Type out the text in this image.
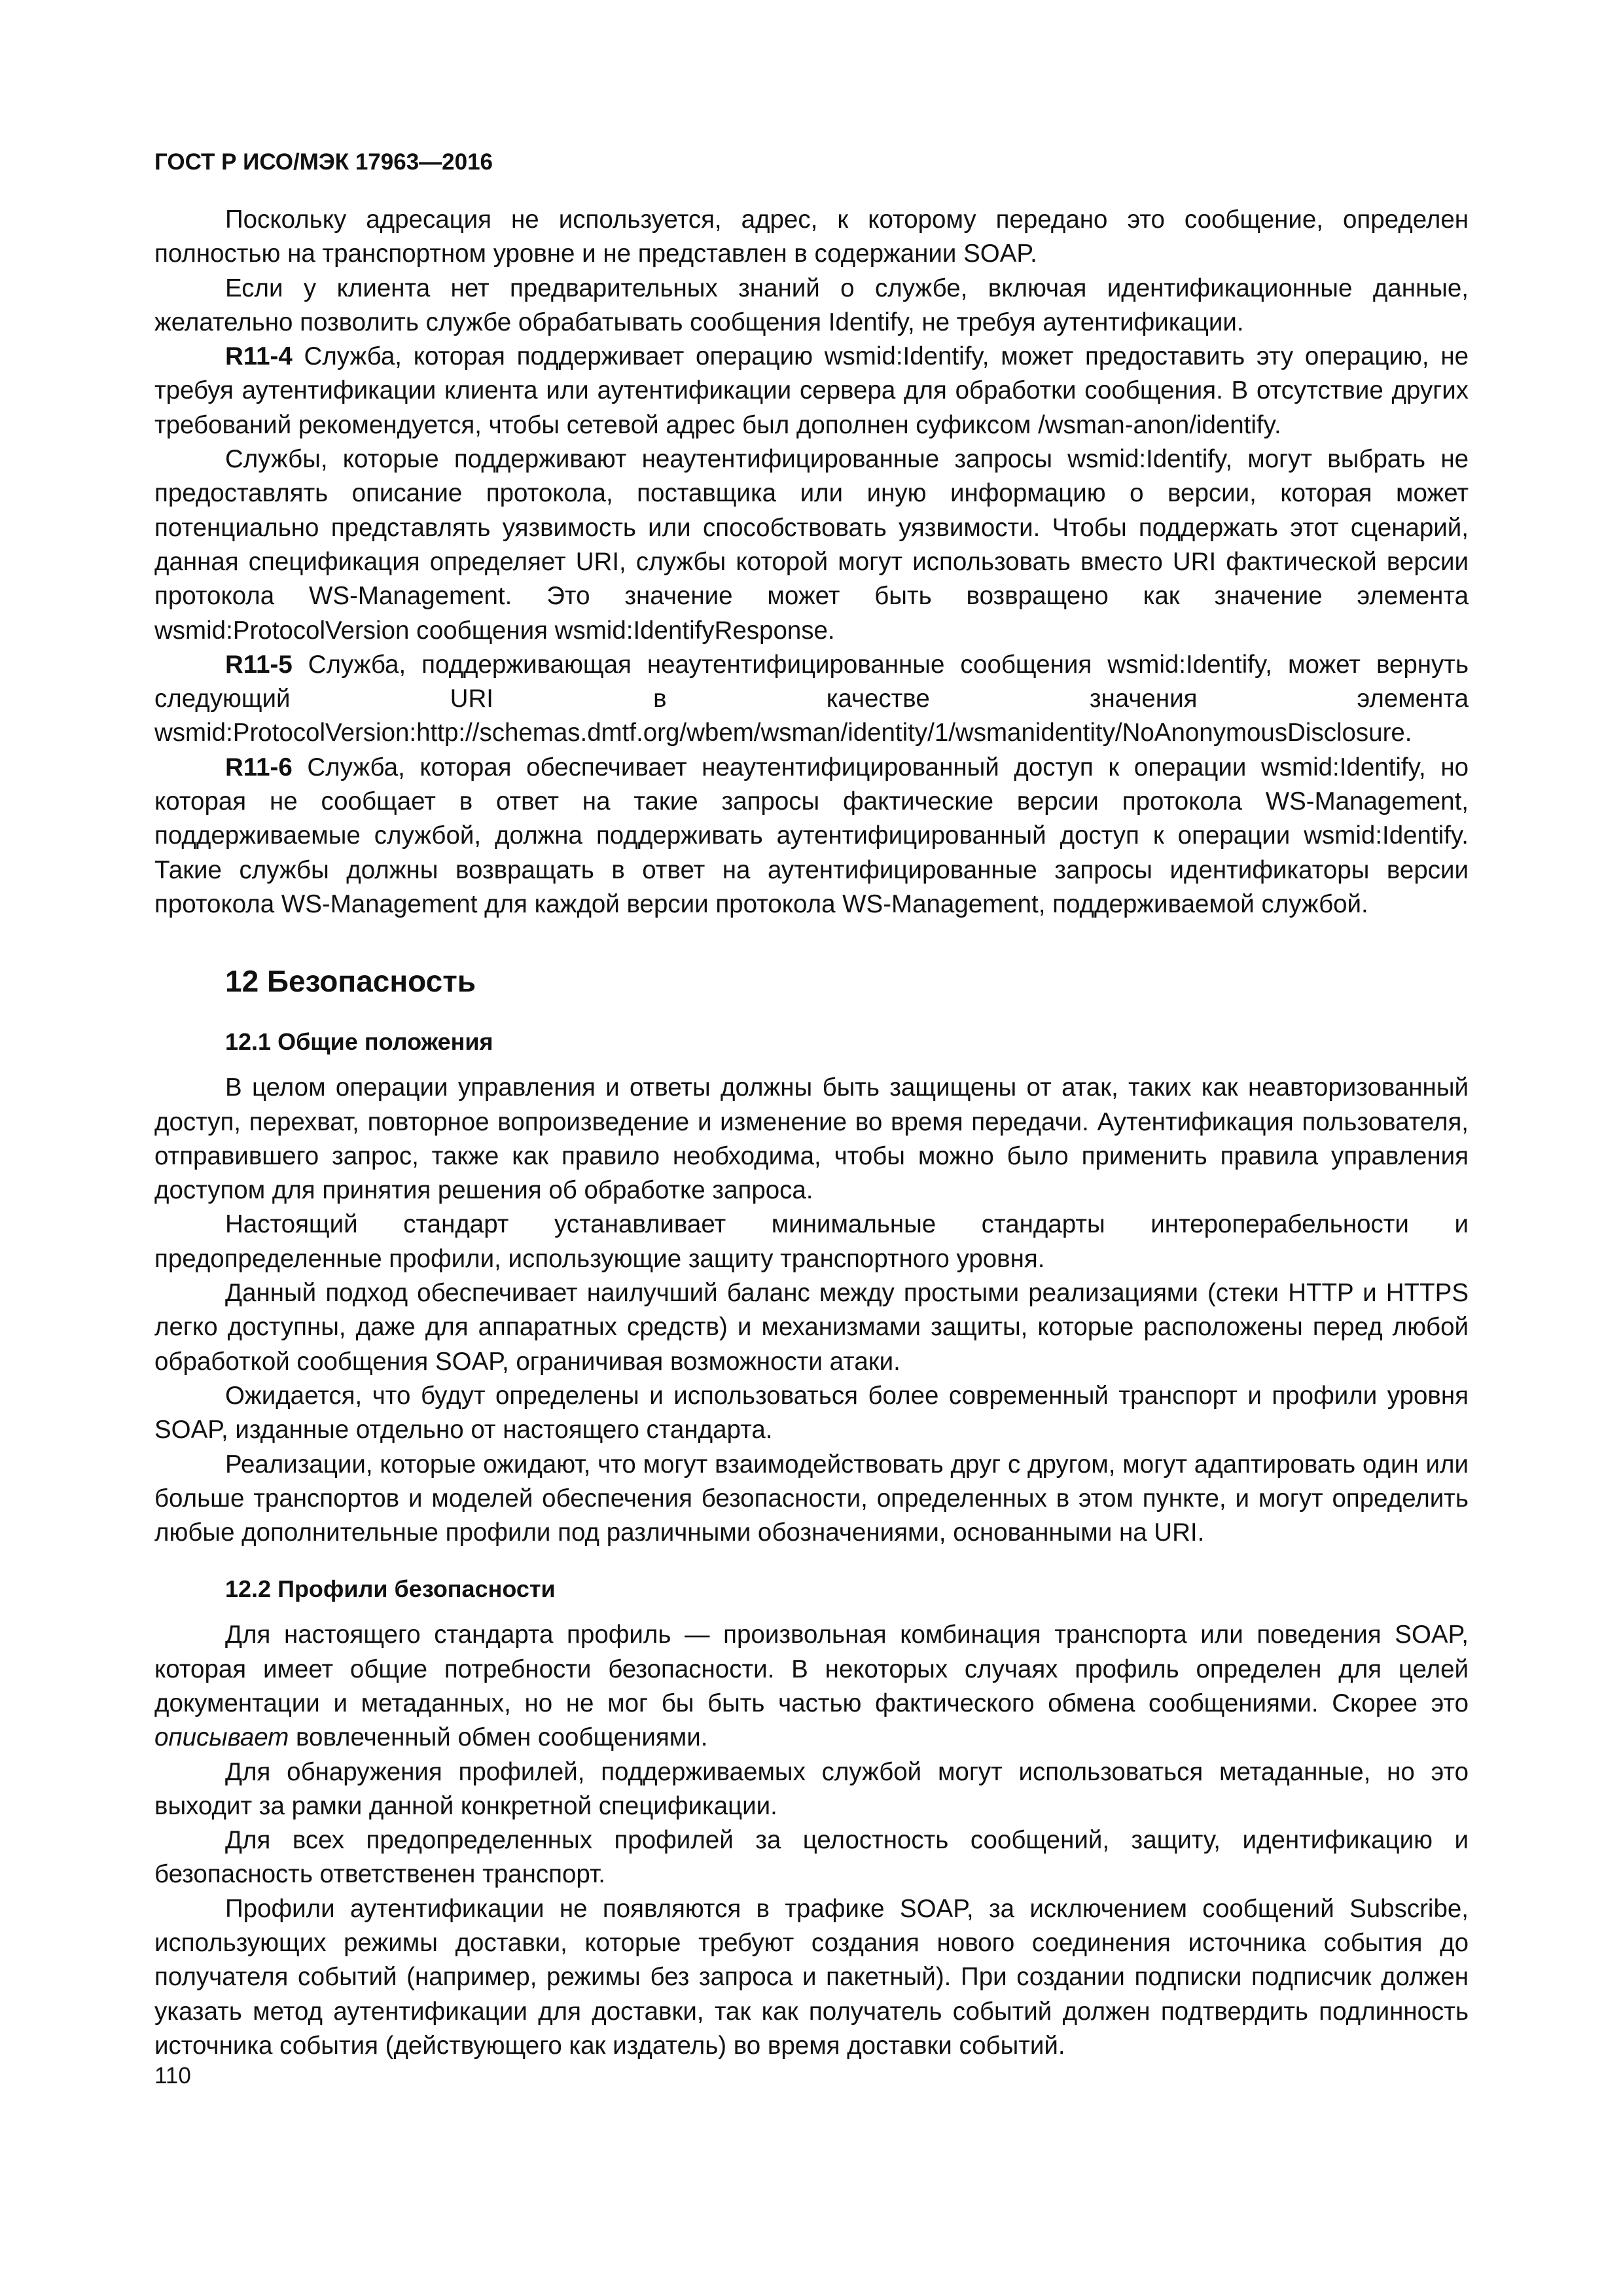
ГОСТ Р ИСО/МЭК 17963—2016

Поскольку адресация не используется, адрес, к которому передано это сообщение, определен полностью на транспортном уровне и не представлен в содержании SOAP.

Если у клиента нет предварительных знаний о службе, включая идентификационные данные, желательно позволить службе обрабатывать сообщения Identify, не требуя аутентификации.

R11-4 Служба, которая поддерживает операцию wsmid:Identify, может предоставить эту операцию, не требуя аутентификации клиента или аутентификации сервера для обработки сообщения. В отсутствие других требований рекомендуется, чтобы сетевой адрес был дополнен суфиксом /wsman-anon/identify.

Службы, которые поддерживают неаутентифицированные запросы wsmid:Identify, могут выбрать не предоставлять описание протокола, поставщика или иную информацию о версии, которая может потенциально представлять уязвимость или способствовать уязвимости. Чтобы поддержать этот сценарий, данная спецификация определяет URI, службы которой могут использовать вместо URI фактической версии протокола WS-Management. Это значение может быть возвращено как значение элемента wsmid:ProtocolVersion сообщения wsmid:IdentifyResponse.

R11-5 Служба, поддерживающая неаутентифицированные сообщения wsmid:Identify, может вернуть следующий URI в качестве значения элемента wsmid:ProtocolVersion:http://schemas.dmtf.org/wbem/wsman/identity/1/wsmanidentity/NoAnonymousDisclosure.

R11-6 Служба, которая обеспечивает неаутентифицированный доступ к операции wsmid:Identify, но которая не сообщает в ответ на такие запросы фактические версии протокола WS-Management, поддерживаемые службой, должна поддерживать аутентифицированный доступ к операции wsmid:Identify. Такие службы должны возвращать в ответ на аутентифицированные запросы идентификаторы версии протокола WS-Management для каждой версии протокола WS-Management, поддерживаемой службой.

12 Безопасность
12.1 Общие положения

В целом операции управления и ответы должны быть защищены от атак, таких как неавторизованный доступ, перехват, повторное вопроизведение и изменение во время передачи. Аутентификация пользователя, отправившего запрос, также как правило необходима, чтобы можно было применить правила управления доступом для принятия решения об обработке запроса.

Настоящий стандарт устанавливает минимальные стандарты интероперабельности и предопределенные профили, использующие защиту транспортного уровня.

Данный подход обеспечивает наилучший баланс между простыми реализациями (стеки HTTP и HTTPS легко доступны, даже для аппаратных средств) и механизмами защиты, которые расположены перед любой обработкой сообщения SOAP, ограничивая возможности атаки.

Ожидается, что будут определены и использоваться более современный транспорт и профили уровня SOAP, изданные отдельно от настоящего стандарта.

Реализации, которые ожидают, что могут взаимодействовать друг с другом, могут адаптировать один или больше транспортов и моделей обеспечения безопасности, определенных в этом пункте, и могут определить любые дополнительные профили под различными обозначениями, основанными на URI.

12.2 Профили безопасности

Для настоящего стандарта профиль — произвольная комбинация транспорта или поведения SOAP, которая имеет общие потребности безопасности. В некоторых случаях профиль определен для целей документации и метаданных, но не мог бы быть частью фактического обмена сообщениями. Скорее это описывает вовлеченный обмен сообщениями.

Для обнаружения профилей, поддерживаемых службой могут использоваться метаданные, но это выходит за рамки данной конкретной спецификации.

Для всех предопределенных профилей за целостность сообщений, защиту, идентификацию и безопасность ответственен транспорт.

Профили аутентификации не появляются в трафике SOAP, за исключением сообщений Subscribe, использующих режимы доставки, которые требуют создания нового соединения источника события до получателя событий (например, режимы без запроса и пакетный). При создании подписки подписчик должен указать метод аутентификации для доставки, так как получатель событий должен подтвердить подлинность источника события (действующего как издатель) во время доставки событий.

110
